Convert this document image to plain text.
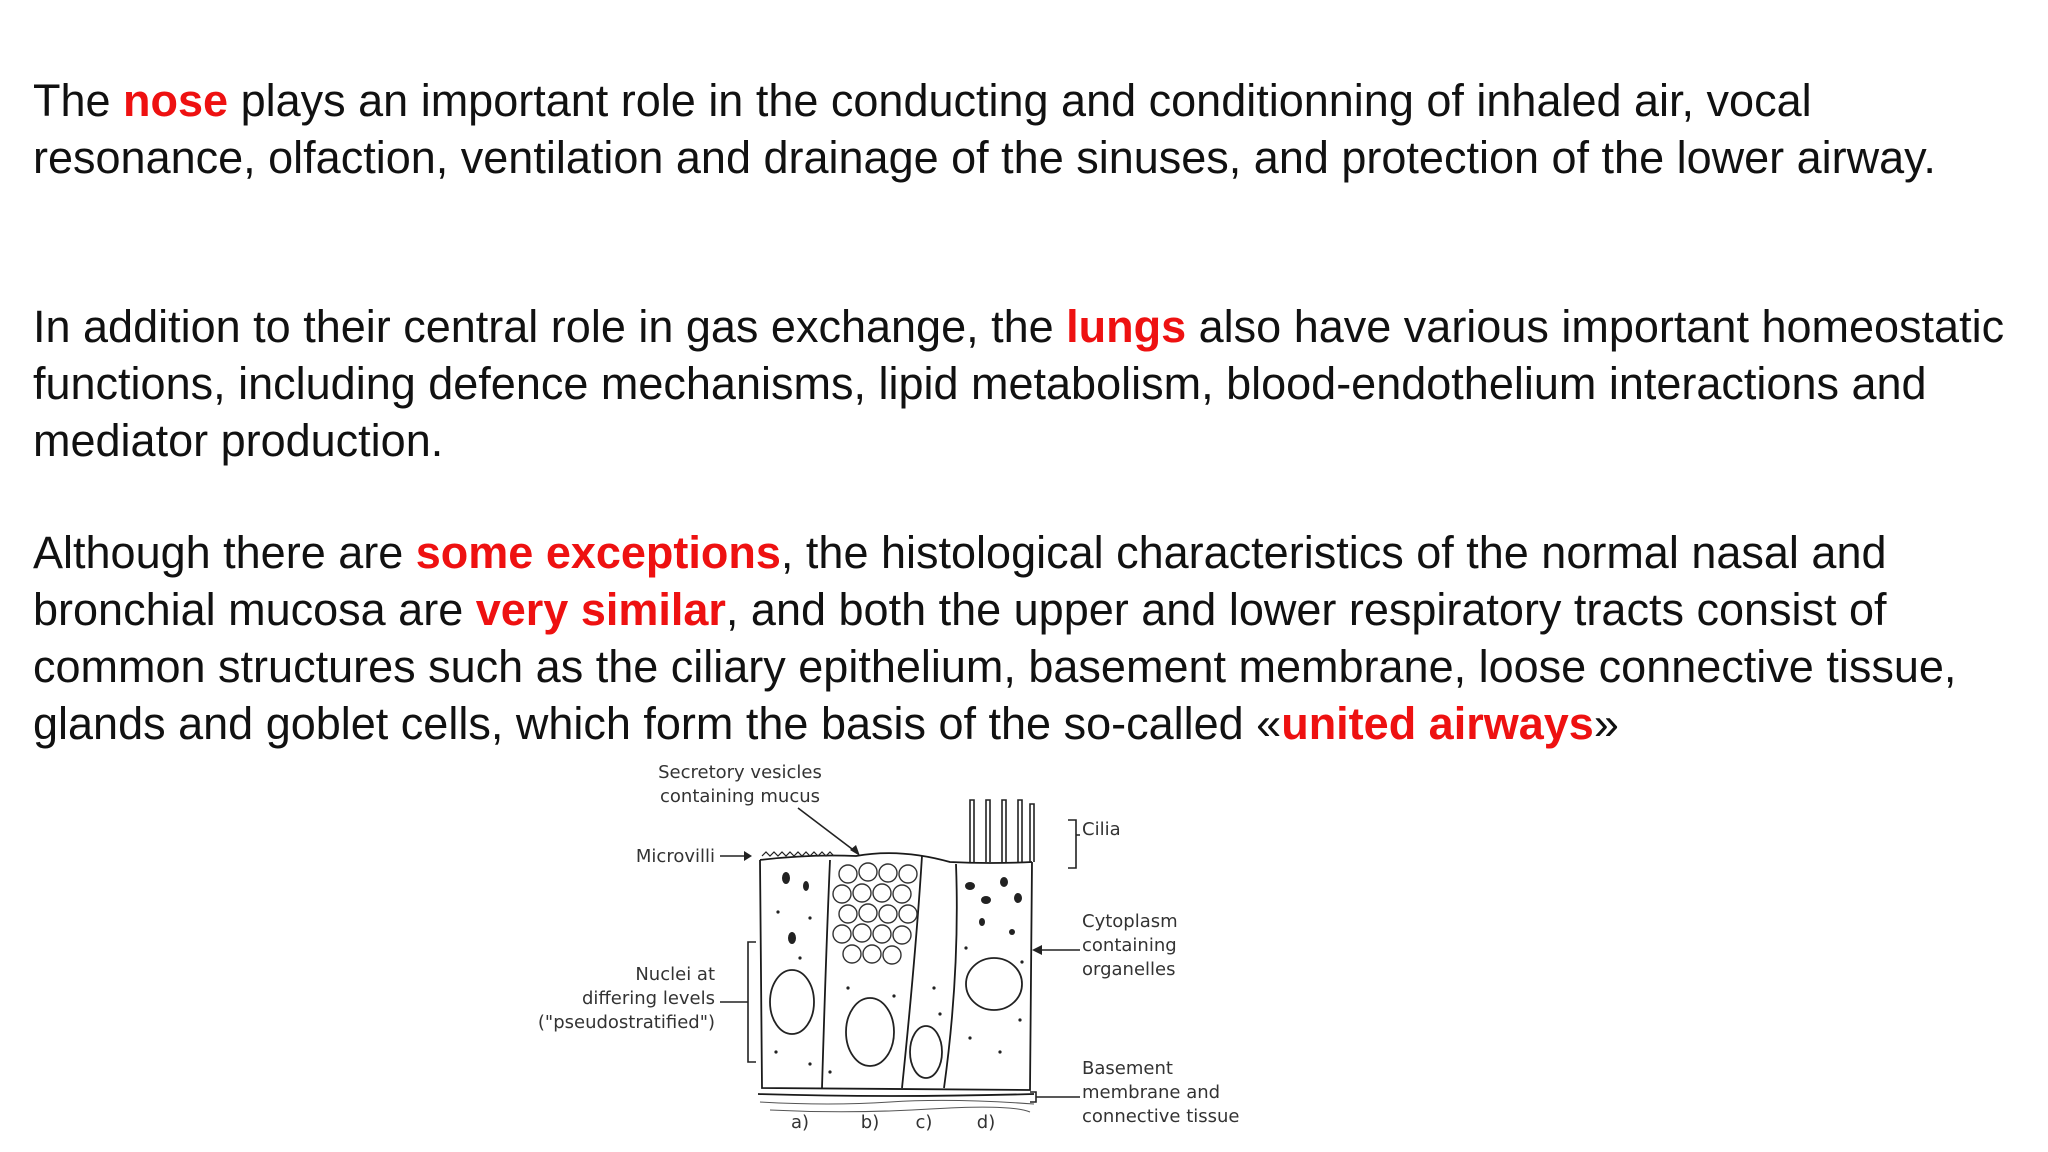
The nose plays an important role in the conducting and conditionning of inhaled air, vocal resonance, olfaction, ventilation and drainage of the sinuses, and protection of the lower airway.

In addition to their central role in gas exchange, the lungs also have various important homeostatic functions, including defence mechanisms, lipid metabolism, blood-endothelium interactions and mediator production.

Although there are some exceptions, the histological characteristics of the normal nasal and bronchial mucosa are very similar, and both the upper and lower respiratory tracts consist of common structures such as the ciliary epithelium, basement membrane, loose connective tissue, glands and goblet cells, which form the basis of the so-called «united airways»

Secretory vesicles
containing mucus
Microvilli
Nuclei at
differing levels
("pseudostratified")
Cilia
Cytoplasm
containing
organelles
Basement
membrane and
connective tissue
a)	b) c) d)
